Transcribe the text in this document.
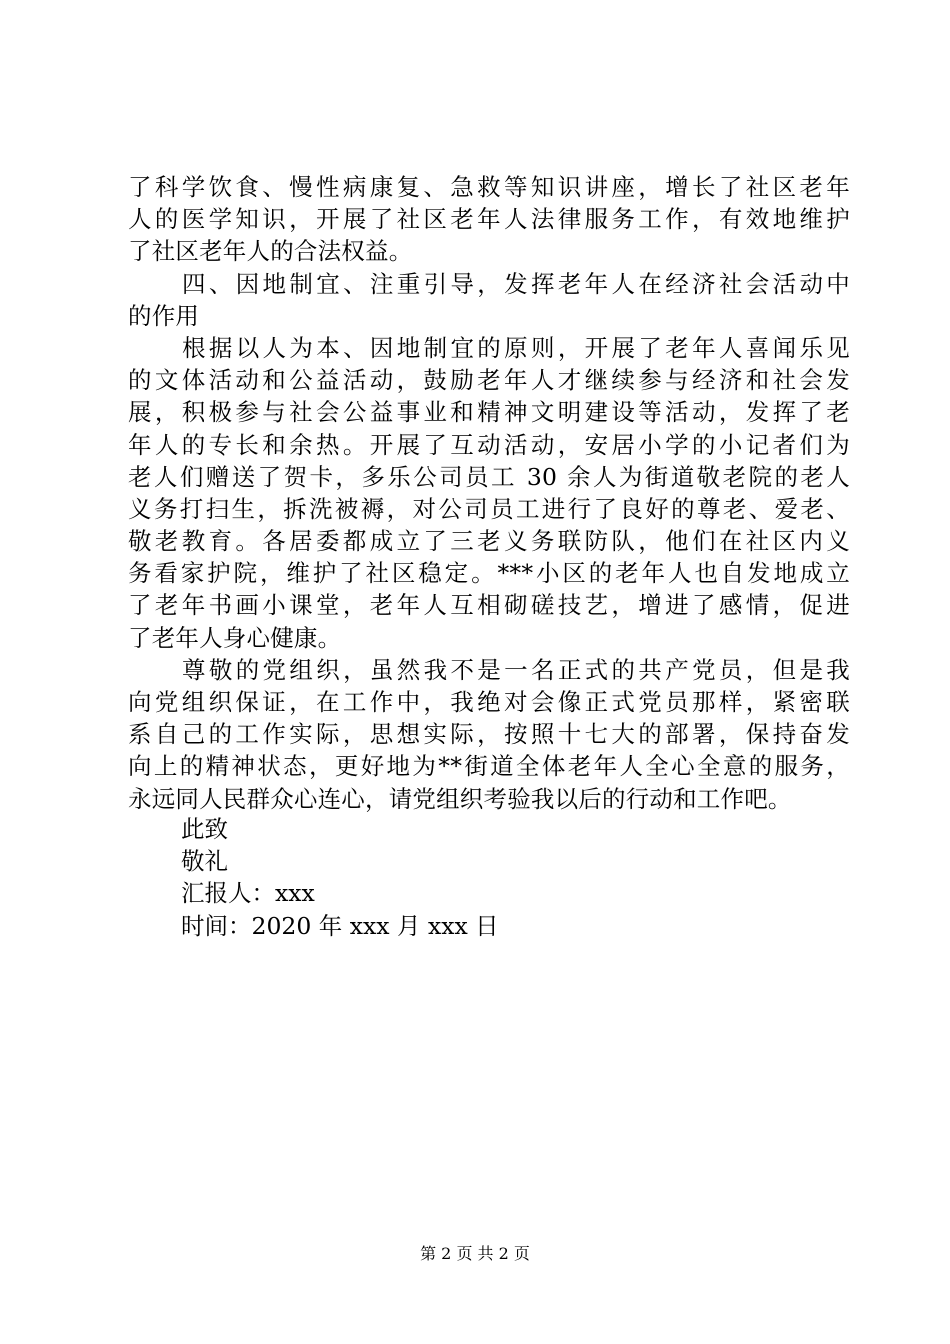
了科学饮食、慢性病康复、急救等知识讲座，增长了社区老年
人的医学知识，开展了社区老年人法律服务工作，有效地维护
了社区老年人的合法权益。
四、因地制宜、注重引导，发挥老年人在经济社会活动中
的作用
根据以人为本、因地制宜的原则，开展了老年人喜闻乐见
的文体活动和公益活动，鼓励老年人才继续参与经济和社会发
展，积极参与社会公益事业和精神文明建设等活动，发挥了老
年人的专长和余热。开展了互动活动，安居小学的小记者们为
老人们赠送了贺卡，多乐公司员工 30 余人为街道敬老院的老人
义务打扫生，拆洗被褥，对公司员工进行了良好的尊老、爱老、
敬老教育。各居委都成立了三老义务联防队，他们在社区内义
务看家护院，维护了社区稳定。***小区的老年人也自发地成立
了老年书画小课堂，老年人互相砌磋技艺，增进了感情，促进
了老年人身心健康。
尊敬的党组织，虽然我不是一名正式的共产党员，但是我
向党组织保证，在工作中，我绝对会像正式党员那样，紧密联
系自己的工作实际，思想实际，按照十七大的部署，保持奋发
向上的精神状态，更好地为**街道全体老年人全心全意的服务，
永远同人民群众心连心，请党组织考验我以后的行动和工作吧。
此致
敬礼
汇报人：xxx
时间：2020 年 xxx 月 xxx 日
第 2 页 共 2 页
